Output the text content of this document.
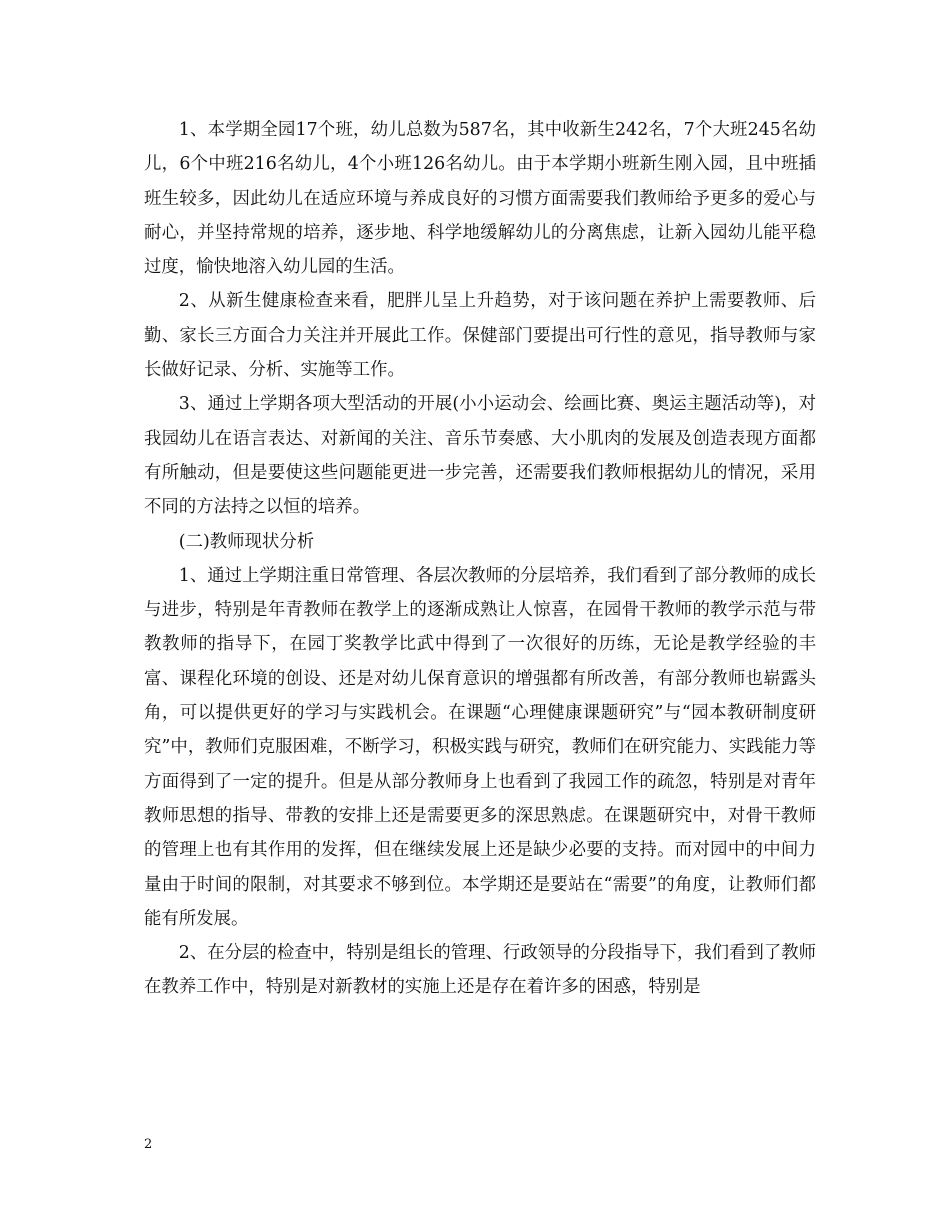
1、本学期全园17个班，幼儿总数为587名，其中收新生242名，7个大班245名幼儿，6个中班216名幼儿，4个小班126名幼儿。由于本学期小班新生刚入园，且中班插班生较多，因此幼儿在适应环境与养成良好的习惯方面需要我们教师给予更多的爱心与耐心，并坚持常规的培养，逐步地、科学地缓解幼儿的分离焦虑，让新入园幼儿能平稳过度，愉快地溶入幼儿园的生活。

2、从新生健康检查来看，肥胖儿呈上升趋势，对于该问题在养护上需要教师、后勤、家长三方面合力关注并开展此工作。保健部门要提出可行性的意见，指导教师与家长做好记录、分析、实施等工作。

3、通过上学期各项大型活动的开展(小小运动会、绘画比赛、奥运主题活动等)，对我园幼儿在语言表达、对新闻的关注、音乐节奏感、大小肌肉的发展及创造表现方面都有所触动，但是要使这些问题能更进一步完善，还需要我们教师根据幼儿的情况，采用不同的方法持之以恒的培养。

(二)教师现状分析

1、通过上学期注重日常管理、各层次教师的分层培养，我们看到了部分教师的成长与进步，特别是年青教师在教学上的逐渐成熟让人惊喜，在园骨干教师的教学示范与带教教师的指导下，在园丁奖教学比武中得到了一次很好的历练，无论是教学经验的丰富、课程化环境的创设、还是对幼儿保育意识的增强都有所改善，有部分教师也崭露头角，可以提供更好的学习与实践机会。在课题“心理健康课题研究”与“园本教研制度研究”中，教师们克服困难，不断学习，积极实践与研究，教师们在研究能力、实践能力等方面得到了一定的提升。但是从部分教师身上也看到了我园工作的疏忽，特别是对青年教师思想的指导、带教的安排上还是需要更多的深思熟虑。在课题研究中，对骨干教师的管理上也有其作用的发挥，但在继续发展上还是缺少必要的支持。而对园中的中间力量由于时间的限制，对其要求不够到位。本学期还是要站在“需要”的角度，让教师们都能有所发展。

2、在分层的检查中，特别是组长的管理、行政领导的分段指导下，我们看到了教师在教养工作中，特别是对新教材的实施上还是存在着许多的困惑，特别是

2
